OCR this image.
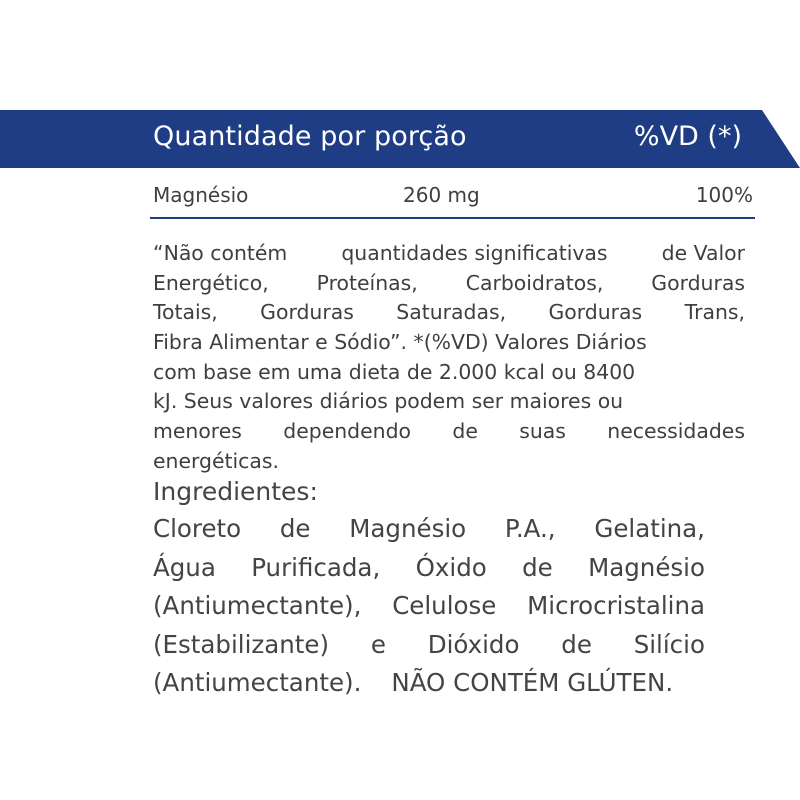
Quantidade por porção	%VD (*)
Magnésio	260 mg	100%
“Não contém	quantidades significativas	de Valor
Energético, Proteínas, Carboidratos, Gorduras
Totais, Gorduras Saturadas, Gorduras Trans,
Fibra Alimentar e Sódio”. *(%VD) Valores Diários
com base em uma dieta de 2.000 kcal ou 8400
kJ. Seus valores diários podem ser maiores ou
menores dependendo de suas necessidades
energéticas.
Ingredientes:
Cloreto de Magnésio P.A., Gelatina,
Água Purificada, Óxido de Magnésio
(Antiumectante), Celulose Microcristalina
(Estabilizante) e Dióxido de Silício
(Antiumectante). NÃO CONTÉM GLÚTEN.
